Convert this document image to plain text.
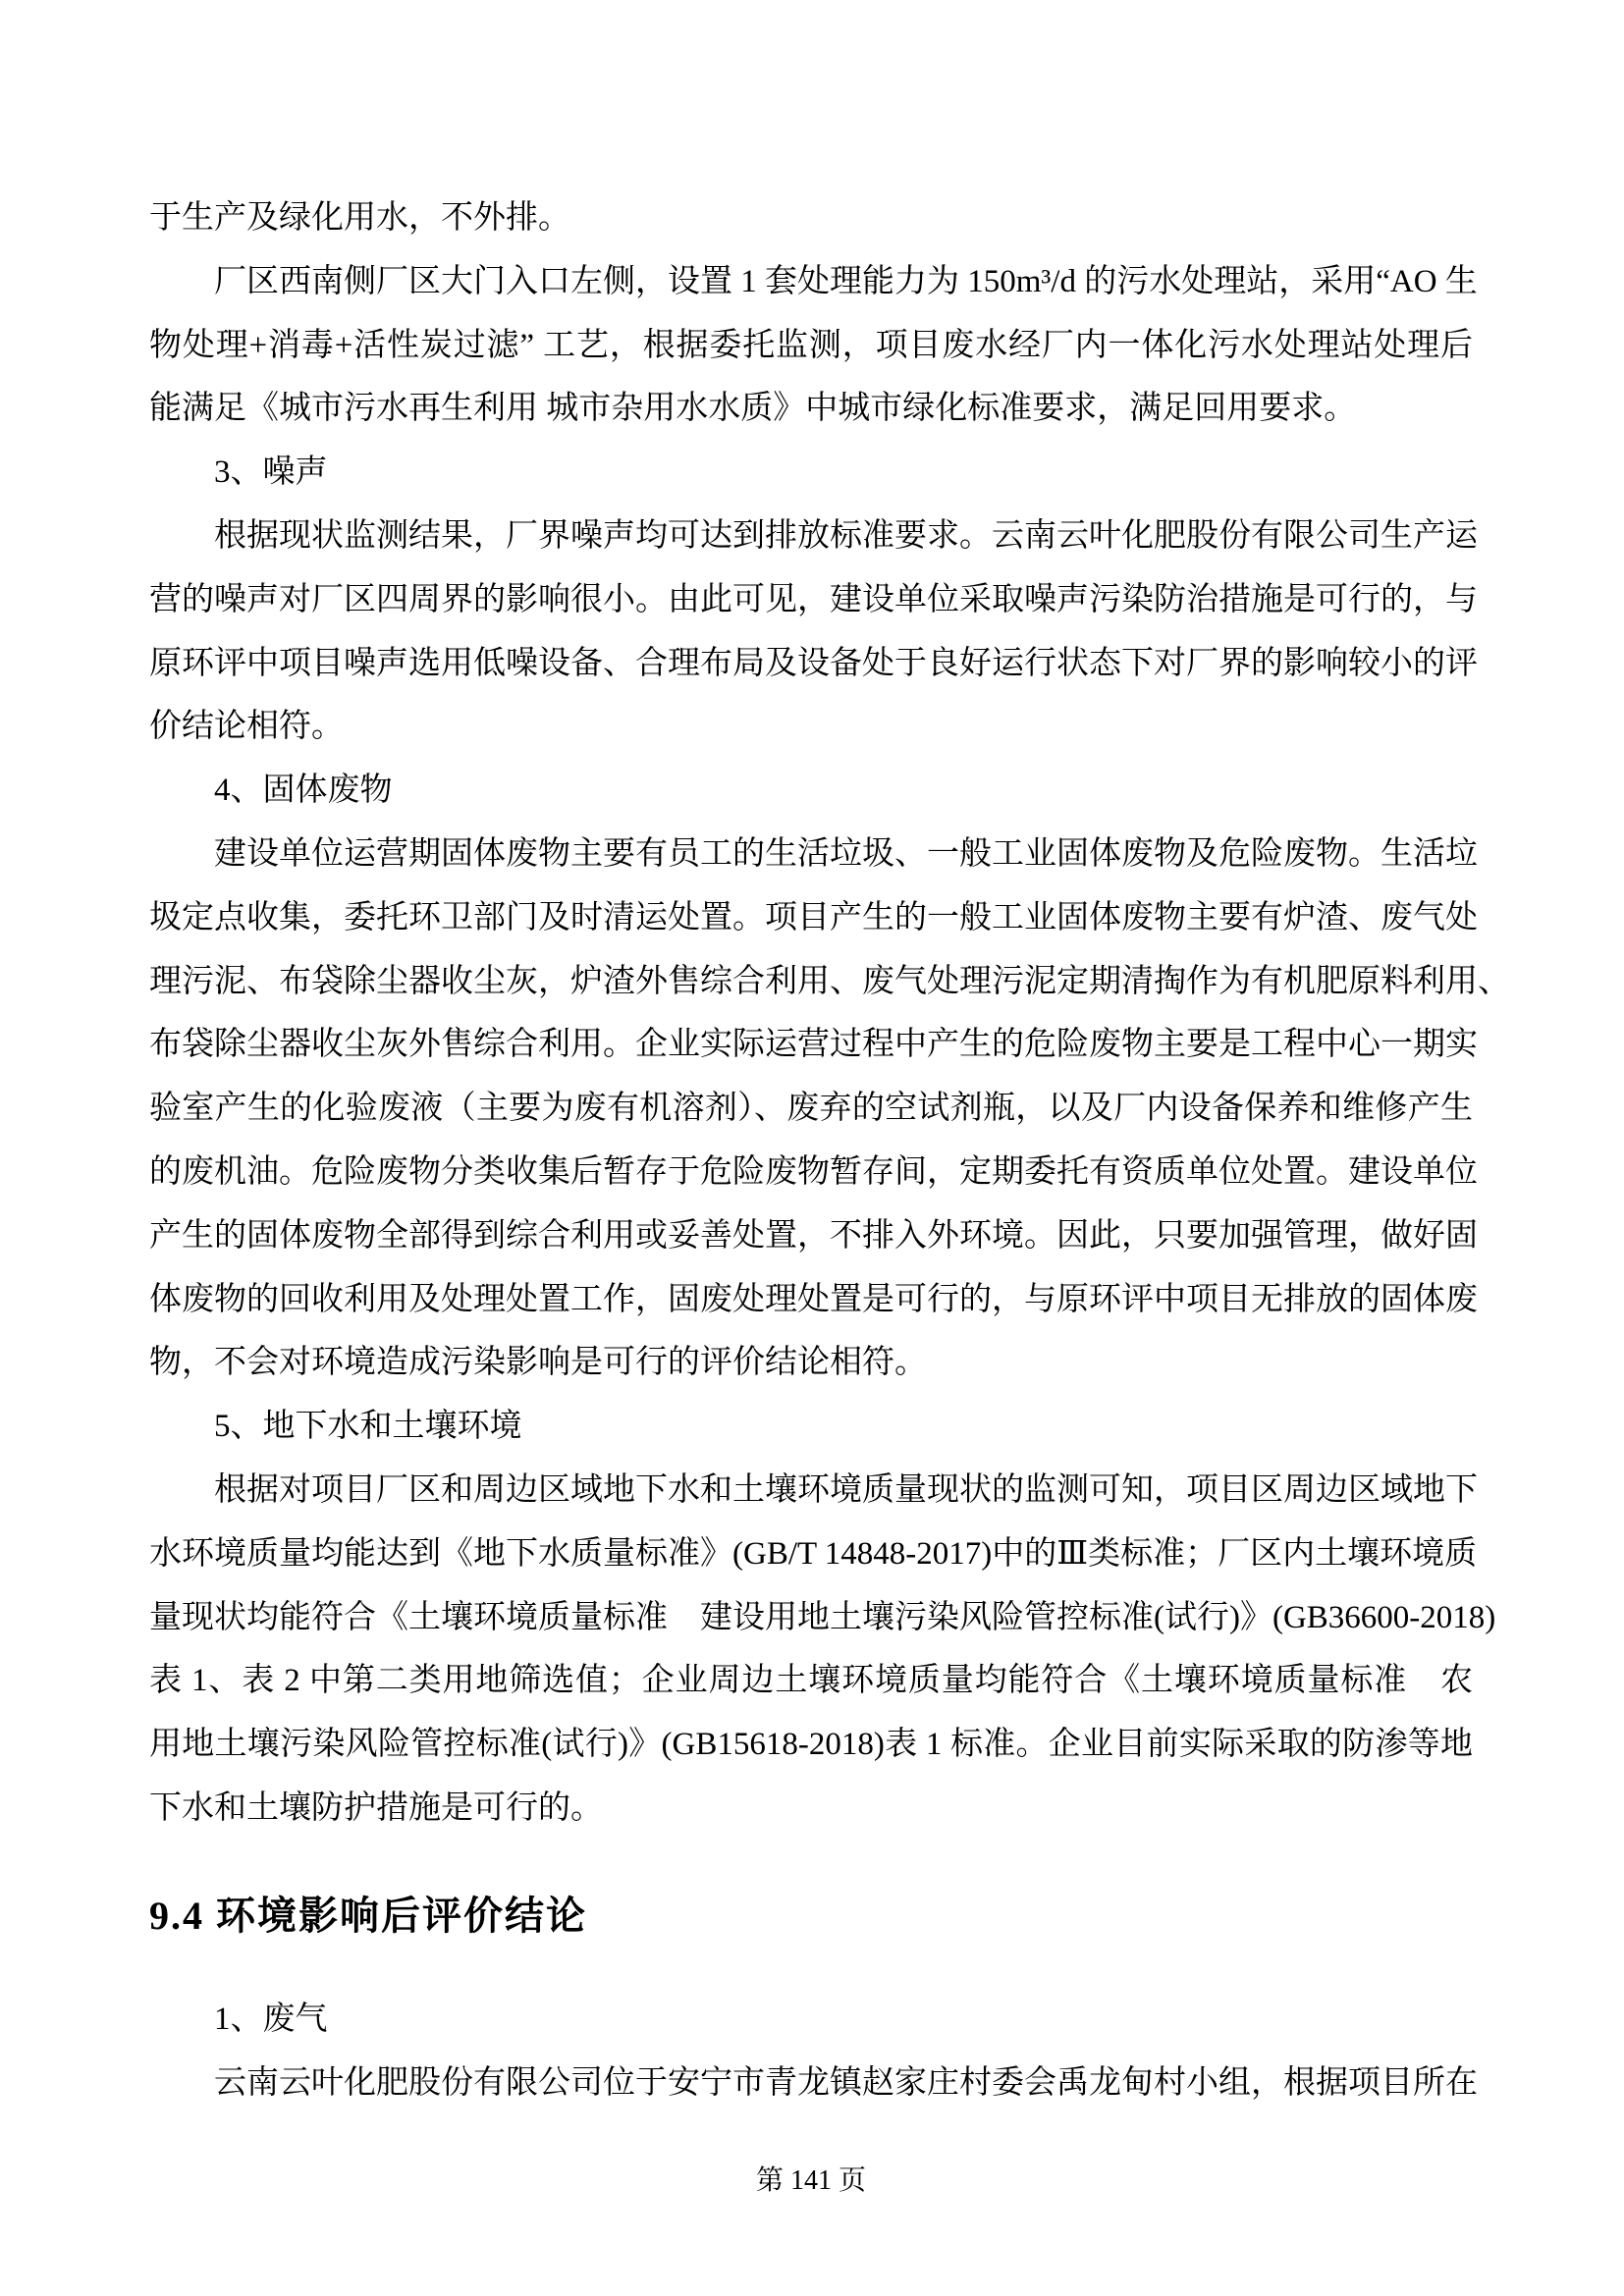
于生产及绿化用水，不外排。
厂区西南侧厂区大门入口左侧，设置 1 套处理能力为 150m³/d 的污水处理站，采用“AO 生
物处理+消毒+活性炭过滤” 工艺，根据委托监测，项目废水经厂内一体化污水处理站处理后
能满足《城市污水再生利用 城市杂用水水质》中城市绿化标准要求，满足回用要求。
3、噪声
根据现状监测结果，厂界噪声均可达到排放标准要求。云南云叶化肥股份有限公司生产运
营的噪声对厂区四周界的影响很小。由此可见，建设单位采取噪声污染防治措施是可行的，与
原环评中项目噪声选用低噪设备、合理布局及设备处于良好运行状态下对厂界的影响较小的评
价结论相符。
4、固体废物
建设单位运营期固体废物主要有员工的生活垃圾、一般工业固体废物及危险废物。生活垃
圾定点收集，委托环卫部门及时清运处置。项目产生的一般工业固体废物主要有炉渣、废气处
理污泥、布袋除尘器收尘灰，炉渣外售综合利用、废气处理污泥定期清掏作为有机肥原料利用、
布袋除尘器收尘灰外售综合利用。企业实际运营过程中产生的危险废物主要是工程中心一期实
验室产生的化验废液（主要为废有机溶剂）、废弃的空试剂瓶，以及厂内设备保养和维修产生
的废机油。危险废物分类收集后暂存于危险废物暂存间，定期委托有资质单位处置。建设单位
产生的固体废物全部得到综合利用或妥善处置，不排入外环境。因此，只要加强管理，做好固
体废物的回收利用及处理处置工作，固废处理处置是可行的，与原环评中项目无排放的固体废
物，不会对环境造成污染影响是可行的评价结论相符。
5、地下水和土壤环境
根据对项目厂区和周边区域地下水和土壤环境质量现状的监测可知，项目区周边区域地下
水环境质量均能达到《地下水质量标准》(GB/T 14848-2017)中的Ⅲ类标准；厂区内土壤环境质
量现状均能符合《土壤环境质量标准　建设用地土壤污染风险管控标准(试行)》(GB36600-2018)
表 1、表 2 中第二类用地筛选值；企业周边土壤环境质量均能符合《土壤环境质量标准　农
用地土壤污染风险管控标准(试行)》(GB15618-2018)表 1 标准。企业目前实际采取的防渗等地
下水和土壤防护措施是可行的。
9.4 环境影响后评价结论
1、废气
云南云叶化肥股份有限公司位于安宁市青龙镇赵家庄村委会禹龙甸村小组，根据项目所在
第 141 页
